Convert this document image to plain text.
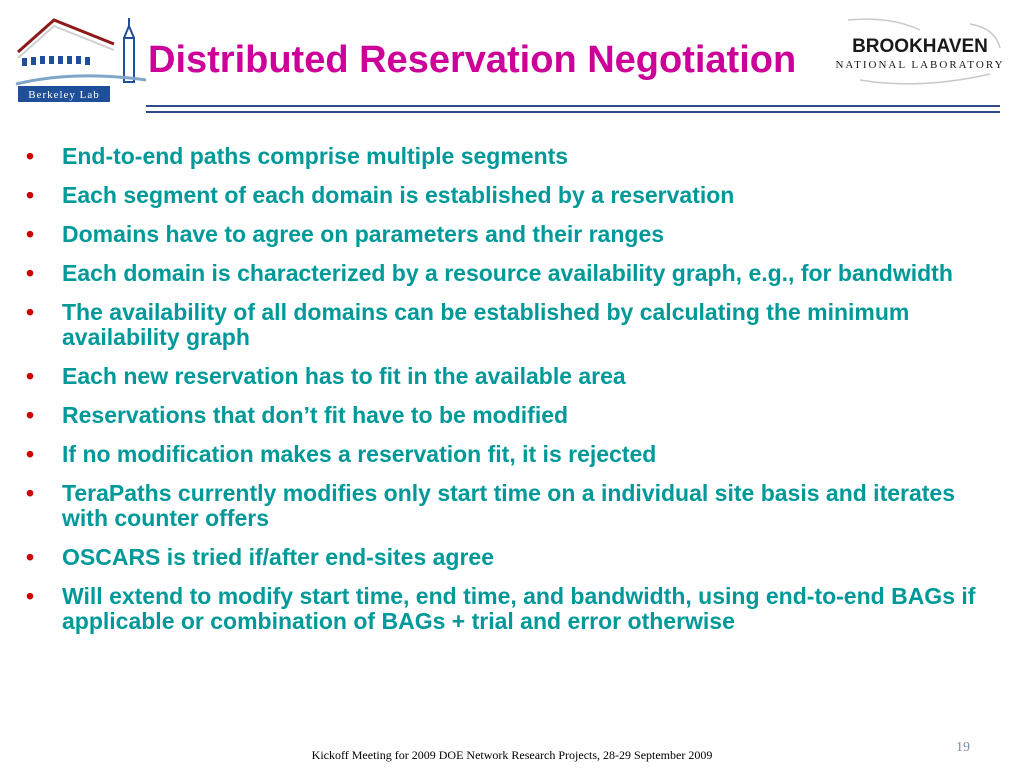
Berkeley Lab
Distributed Reservation Negotiation	BROOKHAVEN
NATIONAL LABORATORY
• End-to-end paths comprise multiple segments
• Each segment of each domain is established by a reservation
• Domains have to agree on parameters and their ranges
• Each domain is characterized by a resource availability graph, e.g., for bandwidth
• The availability of all domains can be established by calculating the minimum availability graph
• Each new reservation has to fit in the available area
• Reservations that don’t fit have to be modified
• If no modification makes a reservation fit, it is rejected
• TeraPaths currently modifies only start time on a individual site basis and iterates with counter offers
• OSCARS is tried if/after end-sites agree
• Will extend to modify start time, end time, and bandwidth, using end-to-end BAGs if applicable or combination of BAGs + trial and error otherwise
Kickoff Meeting for 2009 DOE Network Research Projects, 28-29 September 2009	19
